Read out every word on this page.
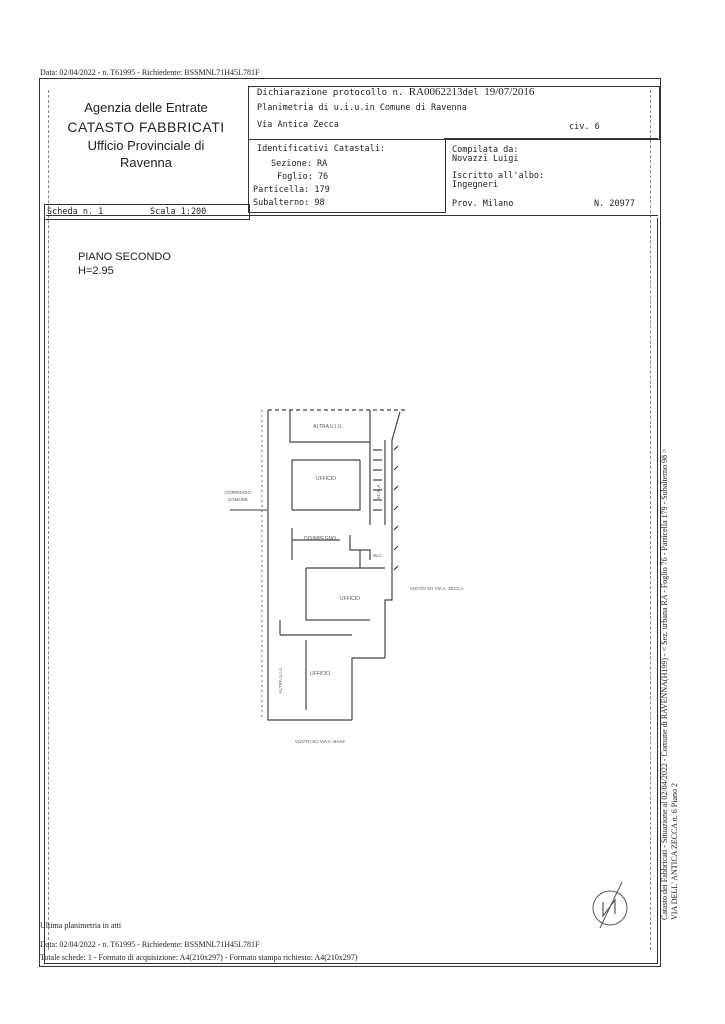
Data: 02/04/2022 - n. T61995 - Richiedente: BSSMNL71H45L781F
Agenzia delle Entrate
CATASTO FABBRICATI
Ufficio Provinciale di
Ravenna
Dichiarazione protocollo n. RA0062213del 19/07/2016
Planimetria di u.i.u.in Comune di Ravenna
Via Antica Zecca	civ. 6
Identificativi Catastali:
Sezione: RA
Foglio: 76
Particella: 179
Subalterno: 98
Compilata da:
Novazzi Luigi
Iscritto all'albo:
Ingegneri
Prov. Milano	N. 20977
Scheda n. 1	Scala 1:200
PIANO SECONDO
H=2.95
ALTRA U.I.U.
UFFICIO
SCALA
DISIMPEGNO
W.C.
UFFICIO
UFFICIO
CORRIDOIO
COMUNE
VUOTO SU VIA A. ZECCA
ALTRA U.I.U.
VUOTO SU VIA A. BAAZ	Catasto dei Fabbricati - Situazione al 02/04/2022 - Comune di RAVENNA(H199) - < Sez. urbana RA - Foglio 76 - Particella 179 - Subalterno 98 > VIA DELL' ANTICA ZECCA n. 6 Piano 2
Ultima planimetria in atti
Data: 02/04/2022 - n. T61995 - Richiedente: BSSMNL71H45L781F
Totale schede: 1 - Formato di acquisizione: A4(210x297) - Formato stampa richiesto: A4(210x297)
